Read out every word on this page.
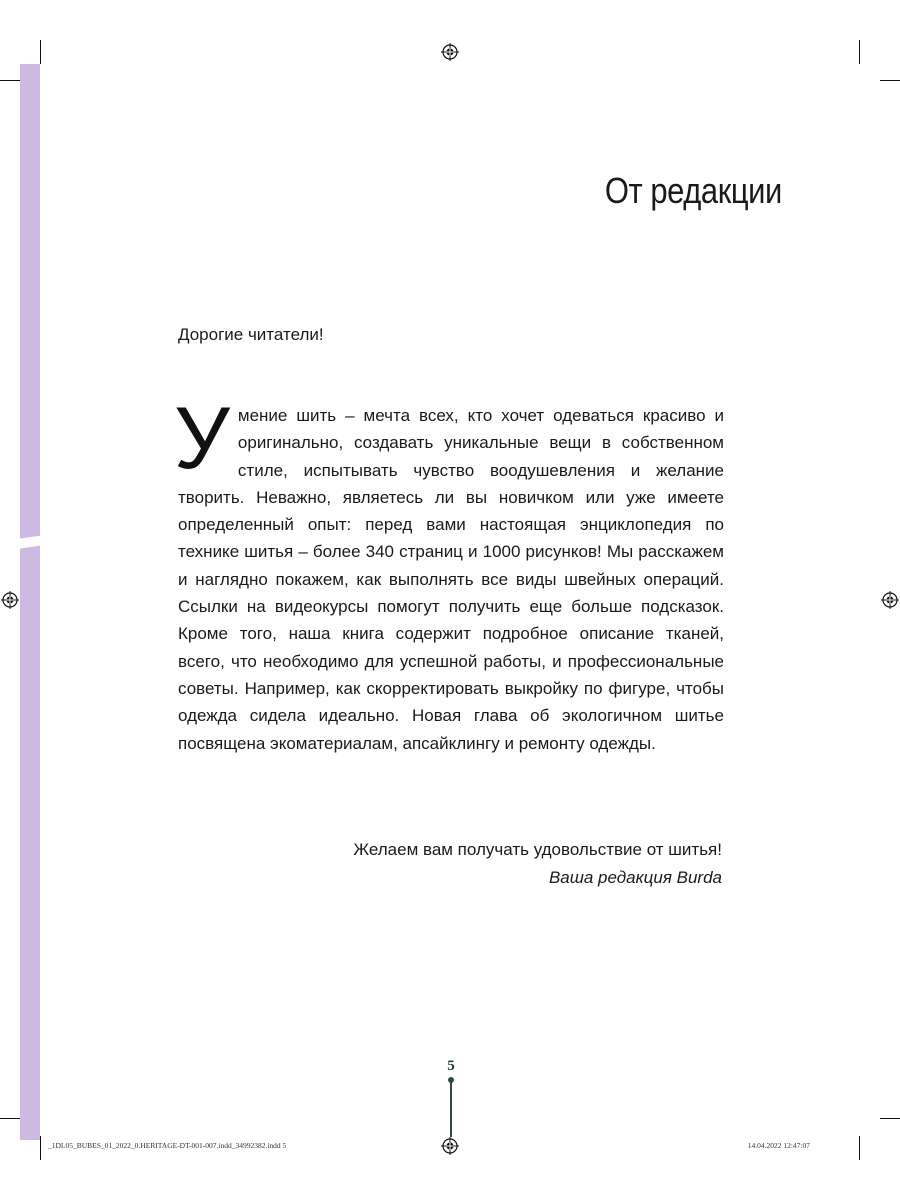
От редакции
Дорогие читатели!
Умение шить – мечта всех, кто хочет одеваться красиво и оригинально, создавать уникальные вещи в собственном стиле, испытывать чувство воодушевления и желание творить. Неважно, являетесь ли вы новичком или уже имеете определенный опыт: перед вами настоящая энциклопедия по технике шитья – более 340 страниц и 1000 рисунков! Мы расскажем и наглядно покажем, как выполнять все виды швейных операций. Ссылки на видеокурсы помогут получить еще больше подсказок. Кроме того, наша книга содержит подробное описание тканей, всего, что необходимо для успешной работы, и профессиональные советы. Например, как скорректировать выкройку по фигуре, чтобы одежда сидела идеально. Новая глава об экологичном шитье посвящена экоматериалам, апсайклингу и ремонту одежды.
Желаем вам получать удовольствие от шитья!
Ваша редакция Burda
5
_1DL05_BUBES_01_2022_0.HERITAGE-DT-001-007.indd_34992382.indd 5	14.04.2022 12:47:07
